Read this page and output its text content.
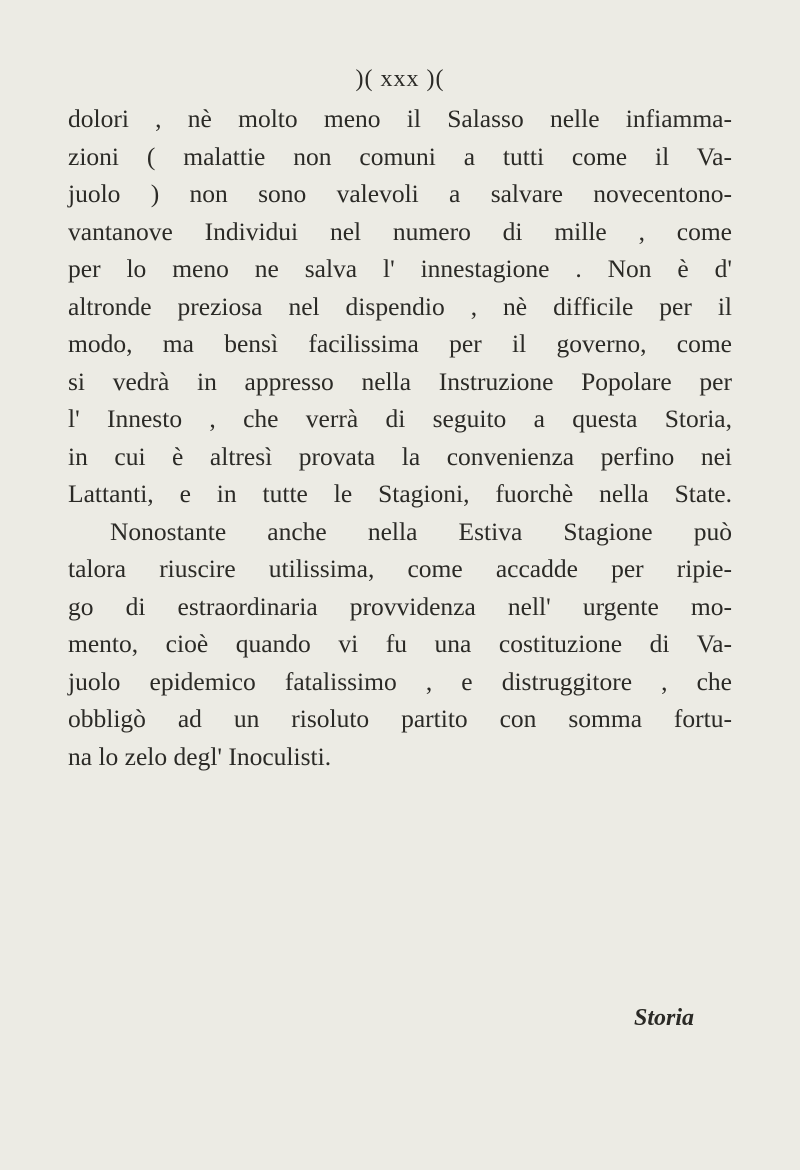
)( xxx )(
dolori , nè molto meno il Salasso nelle infiamma-
zioni ( malattie non comuni a tutti come il Va-
juolo ) non sono valevoli a salvare novecentono-
vantanove Individui nel numero di mille , come
per lo meno ne salva l' innestagione . Non è d'
altronde preziosa nel dispendio , nè difficile per il
modo, ma bensì facilissima per il governo, come
si vedrà in appresso nella Instruzione Popolare per
l' Innesto , che verrà di seguito a questa Storia,
in cui è altresì provata la convenienza perfino nei
Lattanti, e in tutte le Stagioni, fuorchè nella State.
Nonostante anche nella Estiva Stagione può
talora riuscire utilissima, come accadde per ripie-
go di estraordinaria provvidenza nell' urgente mo-
mento, cioè quando vi fu una costituzione di Va-
juolo epidemico fatalissimo , e distruggitore , che
obbligò ad un risoluto partito con somma fortu-
na lo zelo degl' Inoculisti.
Storia
